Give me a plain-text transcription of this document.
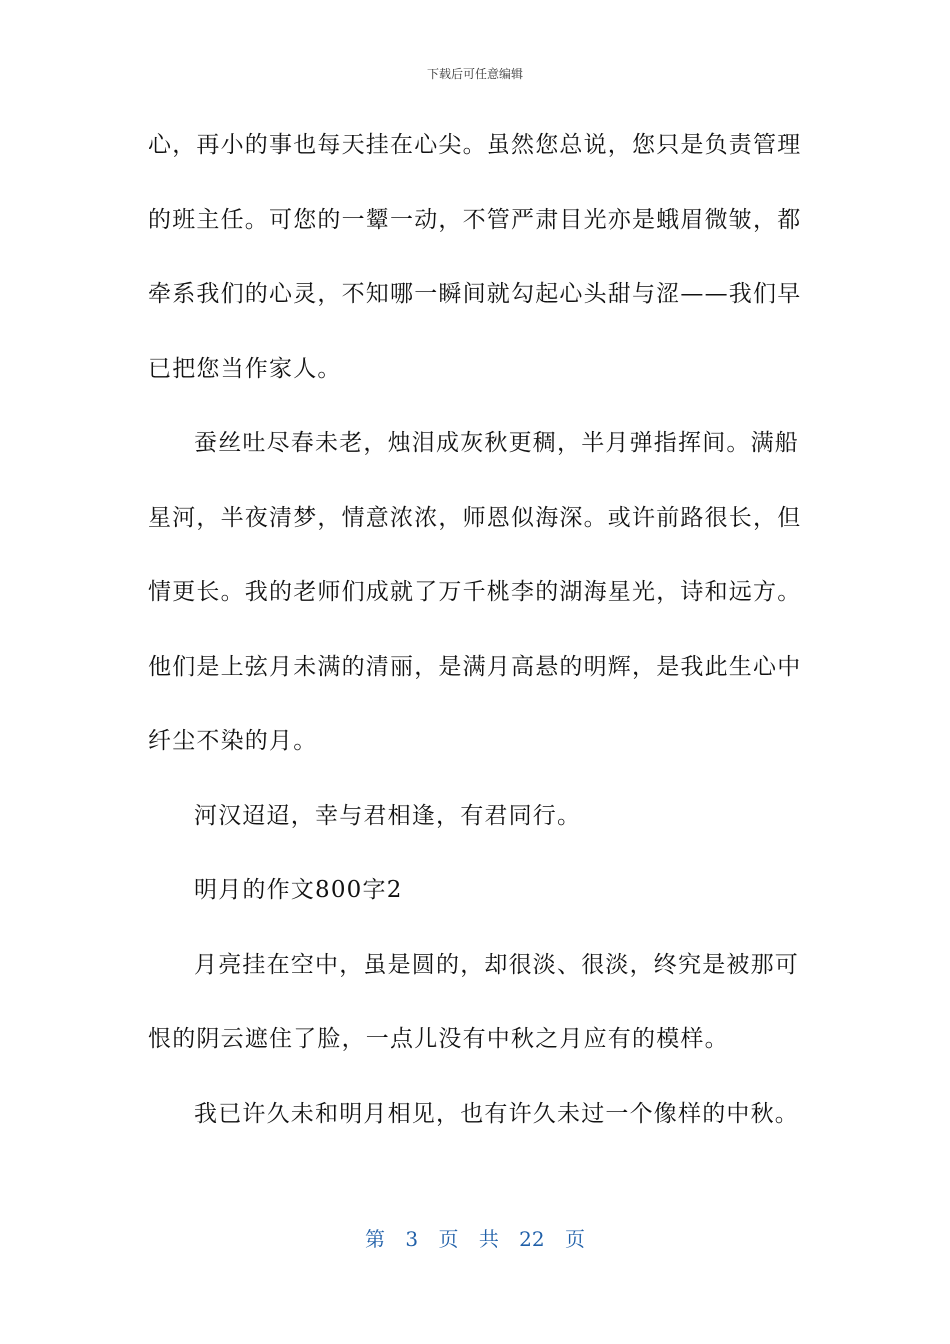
下载后可任意编辑
心，再小的事也每天挂在心尖。虽然您总说，您只是负责管理
的班主任。可您的一颦一动，不管严肃目光亦是蛾眉微皱，都
牵系我们的心灵，不知哪一瞬间就勾起心头甜与涩——我们早
已把您当作家人。
蚕丝吐尽春未老，烛泪成灰秋更稠，半月弹指挥间。满船
星河，半夜清梦，情意浓浓，师恩似海深。或许前路很长，但
情更长。我的老师们成就了万千桃李的湖海星光，诗和远方。
他们是上弦月未满的清丽，是满月高悬的明辉，是我此生心中
纤尘不染的月。
河汉迢迢，幸与君相逢，有君同行。
明月的作文800字2
月亮挂在空中，虽是圆的，却很淡、很淡，终究是被那可
恨的阴云遮住了脸，一点儿没有中秋之月应有的模样。
我已许久未和明月相见，也有许久未过一个像样的中秋。
第 3 页 共 22 页
